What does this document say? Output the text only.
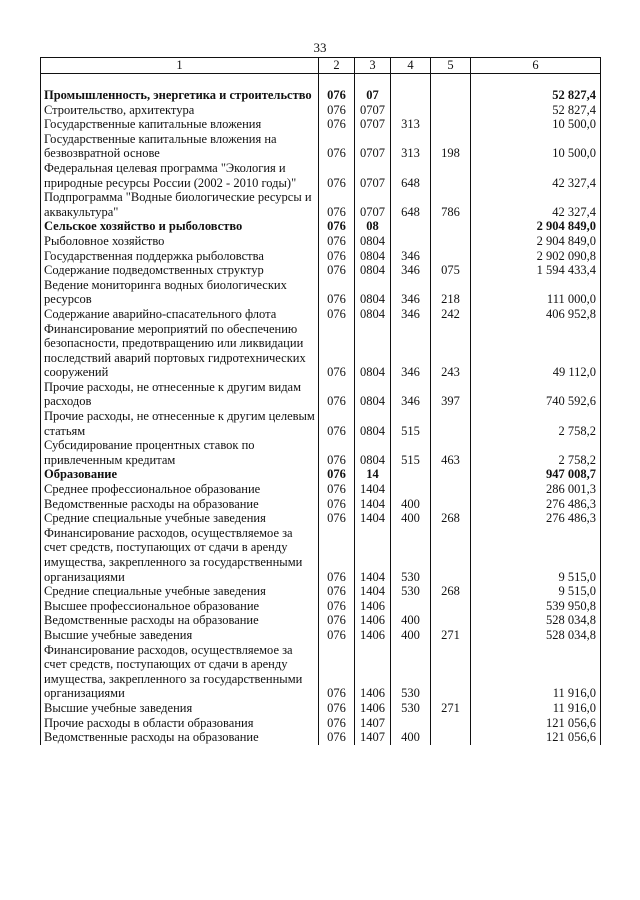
33
1	2	3	4	5	6

Промышленность, энергетика и строительство	076	07			52 827,4
Строительство, архитектура	076	0707			52 827,4
Государственные капитальные вложения	076	0707	313		10 500,0
Государственные капитальные вложения на безвозвратной основе	076	0707	313	198	10 500,0
Федеральная целевая программа "Экология и природные ресурсы России (2002 - 2010 годы)"	076	0707	648		42 327,4
Подпрограмма "Водные биологические ресурсы и аквакультура"	076	0707	648	786	42 327,4
Сельское хозяйство и рыболовство	076	08			2 904 849,0
Рыболовное хозяйство	076	0804			2 904 849,0
Государственная поддержка рыболовства	076	0804	346		2 902 090,8
Содержание подведомственных структур	076	0804	346	075	1 594 433,4
Ведение мониторинга водных биологических ресурсов	076	0804	346	218	111 000,0
Содержание аварийно-спасательного флота	076	0804	346	242	406 952,8
Финансирование мероприятий по обеспечению безопасности, предотвращению или ликвидации последствий аварий портовых гидротехнических сооружений	076	0804	346	243	49 112,0
Прочие расходы, не отнесенные к другим видам расходов	076	0804	346	397	740 592,6
Прочие расходы, не отнесенные к другим целевым статьям	076	0804	515		2 758,2
Субсидирование процентных ставок по привлеченным кредитам	076	0804	515	463	2 758,2
Образование	076	14			947 008,7
Среднее профессиональное образование	076	1404			286 001,3
Ведомственные расходы на образование	076	1404	400		276 486,3
Средние специальные учебные заведения	076	1404	400	268	276 486,3
Финансирование расходов, осуществляемое за счет средств, поступающих от сдачи в аренду имущества, закрепленного за государственными организациями	076	1404	530		9 515,0
Средние специальные учебные заведения	076	1404	530	268	9 515,0
Высшее профессиональное образование	076	1406			539 950,8
Ведомственные расходы на образование	076	1406	400		528 034,8
Высшие учебные заведения	076	1406	400	271	528 034,8
Финансирование расходов, осуществляемое за счет средств, поступающих от сдачи в аренду имущества, закрепленного за государственными организациями	076	1406	530		11 916,0
Высшие учебные заведения	076	1406	530	271	11 916,0
Прочие расходы в области образования	076	1407			121 056,6
Ведомственные расходы на образование	076	1407	400		121 056,6
